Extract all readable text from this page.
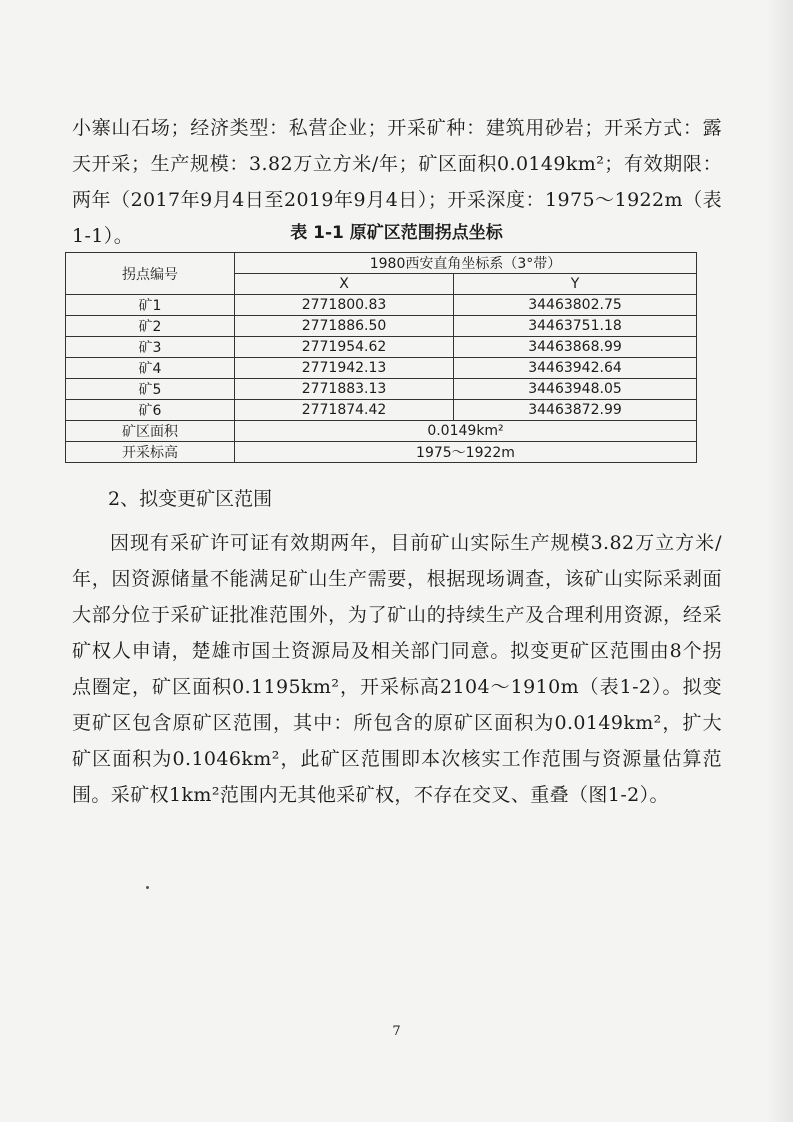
小寨山石场；经济类型：私营企业；开采矿种：建筑用砂岩；开采方式：露天开采；生产规模：3.82万立方米/年；矿区面积0.0149km²；有效期限：两年（2017年9月4日至2019年9月4日）；开采深度：1975～1922m（表1-1）。	表 1-1 原矿区范围拐点坐标
拐点编号	1980西安直角坐标系（3°带）	
	X	Y
矿1	2771800.83	34463802.75
矿2	2771886.50	34463751.18
矿3	2771954.62	34463868.99
矿4	2771942.13	34463942.64
矿5	2771883.13	34463948.05
矿6	2771874.42	34463872.99
矿区面积	0.0149km²	
开采标高	1975～1922m	
2、拟变更矿区范围

因现有采矿许可证有效期两年，目前矿山实际生产规模3.82万立方米/年，因资源储量不能满足矿山生产需要，根据现场调查，该矿山实际采剥面大部分位于采矿证批准范围外，为了矿山的持续生产及合理利用资源，经采矿权人申请，楚雄市国土资源局及相关部门同意。拟变更矿区范围由8个拐点圈定，矿区面积0.1195km²，开采标高2104～1910m（表1-2）。拟变更矿区包含原矿区范围，其中：所包含的原矿区面积为0.0149km²，扩大矿区面积为0.1046km²，此矿区范围即本次核实工作范围与资源量估算范围。采矿权1km²范围内无其他采矿权，不存在交叉、重叠（图1-2）。

7
